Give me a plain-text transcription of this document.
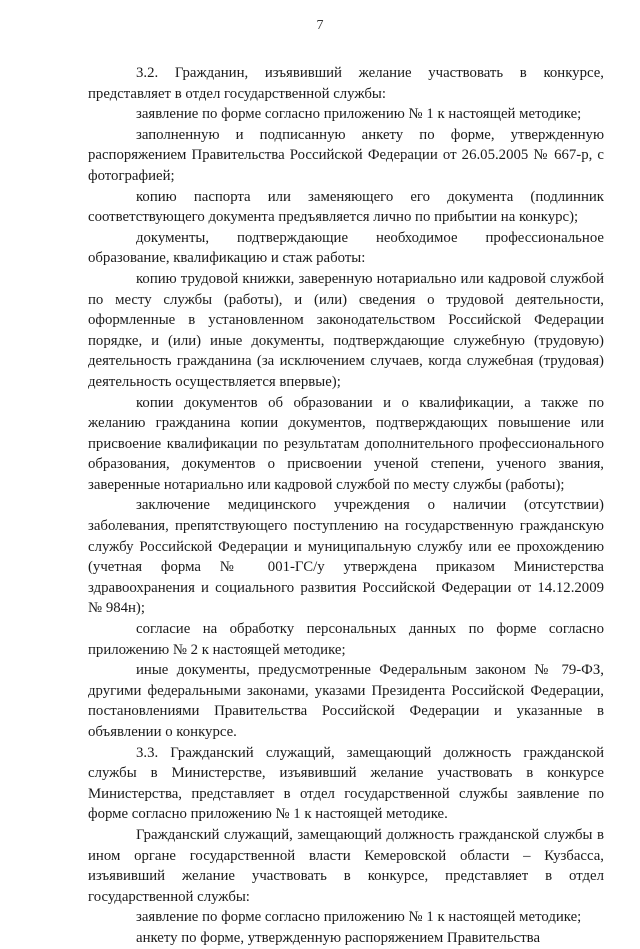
7

3.2. Гражданин, изъявивший желание участвовать в конкурсе, представляет в отдел государственной службы:

заявление по форме согласно приложению № 1 к настоящей методике;

заполненную и подписанную анкету по форме, утвержденную распоряжением Правительства Российской Федерации от 26.05.2005 № 667-р, с фотографией;

копию паспорта или заменяющего его документа (подлинник соответствующего документа предъявляется лично по прибытии на конкурс);

документы, подтверждающие необходимое профессиональное образование, квалификацию и стаж работы:

копию трудовой книжки, заверенную нотариально или кадровой службой по месту службы (работы), и (или) сведения о трудовой деятельности, оформленные в установленном законодательством Российской Федерации порядке, и (или) иные документы, подтверждающие служебную (трудовую) деятельность гражданина (за исключением случаев, когда служебная (трудовая) деятельность осуществляется впервые);

копии документов об образовании и о квалификации, а также по желанию гражданина копии документов, подтверждающих повышение или присвоение квалификации по результатам дополнительного профессионального образования, документов о присвоении ученой степени, ученого звания, заверенные нотариально или кадровой службой по месту службы (работы);

заключение медицинского учреждения о наличии (отсутствии) заболевания, препятствующего поступлению на государственную гражданскую службу Российской Федерации и муниципальную службу или ее прохождению (учетная форма № 001-ГС/у утверждена приказом Министерства здравоохранения и социального развития Российской Федерации от 14.12.2009 № 984н);

согласие на обработку персональных данных по форме согласно приложению № 2 к настоящей методике;

иные документы, предусмотренные Федеральным законом № 79-ФЗ, другими федеральными законами, указами Президента Российской Федерации, постановлениями Правительства Российской Федерации и указанные в объявлении о конкурсе.

3.3. Гражданский служащий, замещающий должность гражданской службы в Министерстве, изъявивший желание участвовать в конкурсе Министерства, представляет в отдел государственной службы заявление по форме согласно приложению № 1 к настоящей методике.

Гражданский служащий, замещающий должность гражданской службы в ином органе государственной власти Кемеровской области – Кузбасса, изъявивший желание участвовать в конкурсе, представляет в отдел государственной службы:

заявление по форме согласно приложению № 1 к настоящей методике;

анкету по форме, утвержденную распоряжением Правительства
